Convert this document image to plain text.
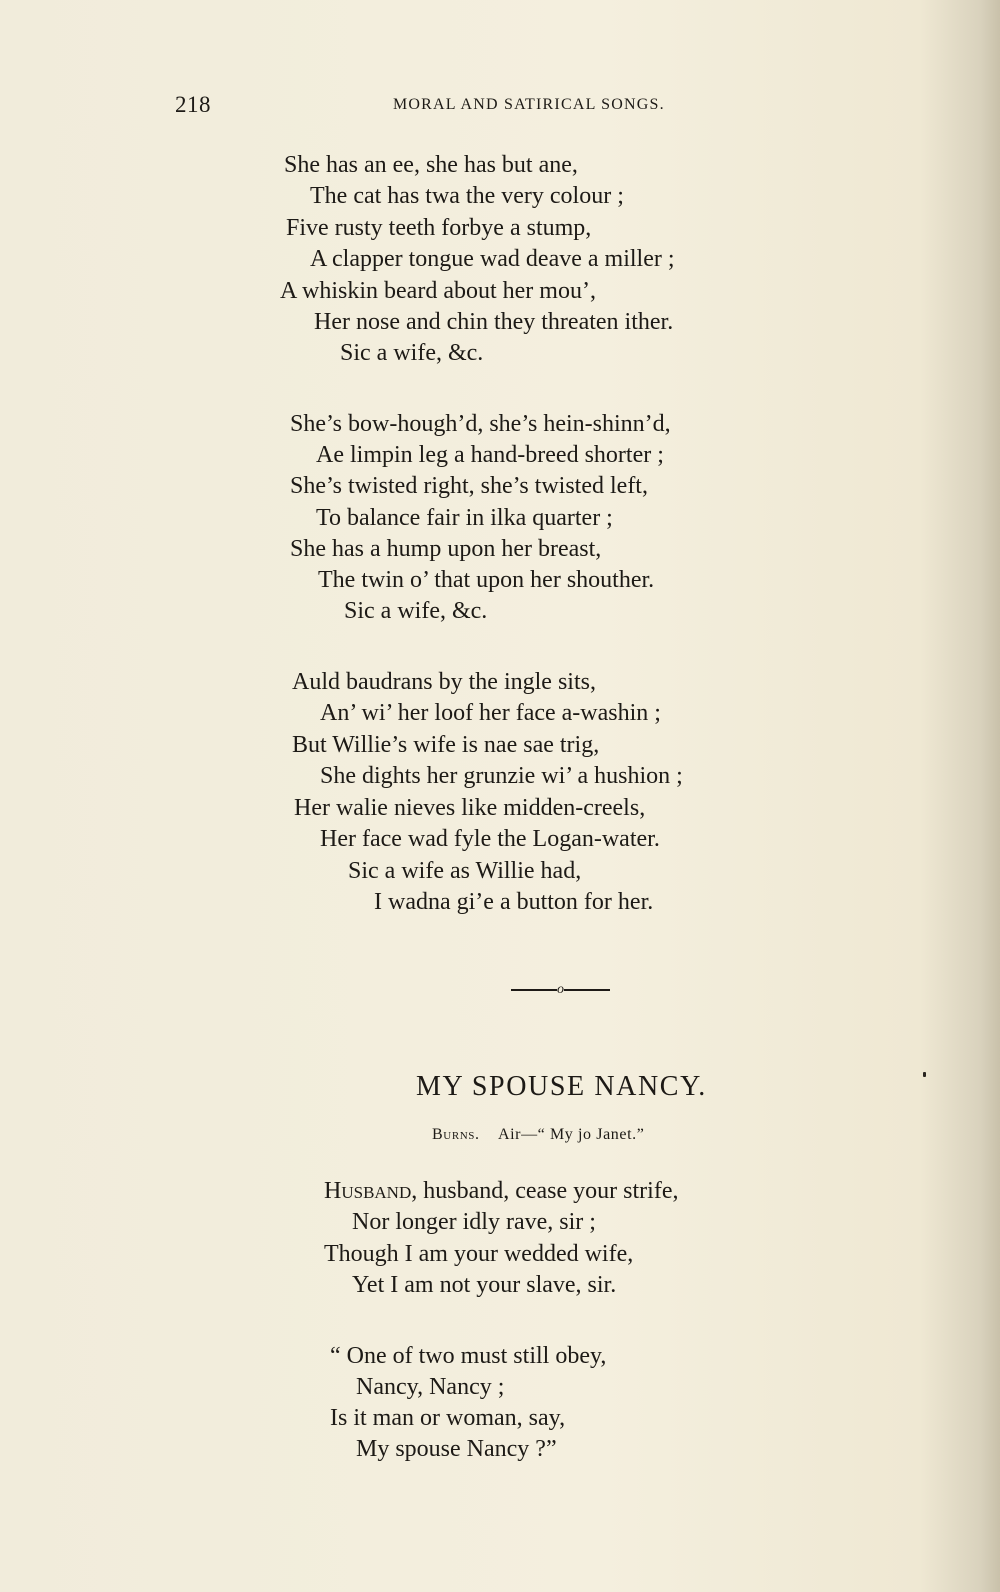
218	MORAL AND SATIRICAL SONGS.
She has an ee, she has but ane,
The cat has twa the very colour ;
Five rusty teeth forbye a stump,
A clapper tongue wad deave a miller ;
A whiskin beard about her mou’,
Her nose and chin they threaten ither.
Sic a wife, &c.
She’s bow-hough’d, she’s hein-shinn’d,
Ae limpin leg a hand-breed shorter ;
She’s twisted right, she’s twisted left,
To balance fair in ilka quarter ;
She has a hump upon her breast,
The twin o’ that upon her shouther.
Sic a wife, &c.
Auld baudrans by the ingle sits,
An’ wi’ her loof her face a-washin ;
But Willie’s wife is nae sae trig,
She dights her grunzie wi’ a hushion ;
Her walie nieves like midden-creels,
Her face wad fyle the Logan-water.
Sic a wife as Willie had,
I wadna gi’e a button for her.
o
MY SPOUSE NANCY.
Burns. Air—“ My jo Janet.”
Husband, husband, cease your strife,
Nor longer idly rave, sir ;
Though I am your wedded wife,
Yet I am not your slave, sir.
“ One of two must still obey,
Nancy, Nancy ;
Is it man or woman, say,
My spouse Nancy ?”
